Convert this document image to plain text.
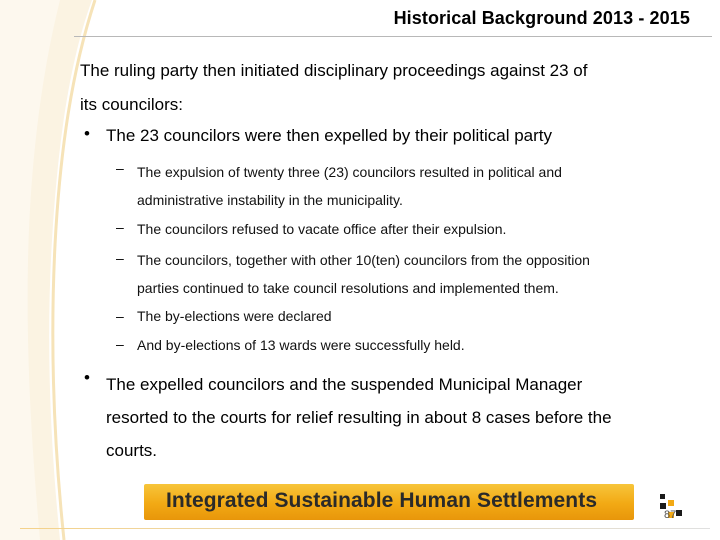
Historical Background 2013 - 2015
The ruling party then initiated disciplinary proceedings against 23 of
its councilors:
• The 23 councilors were then expelled by their political party
– The expulsion of twenty three (23) councilors resulted in political and
administrative instability in the municipality.
– The councilors refused to vacate office after their expulsion.
– The councilors, together with other 10(ten) councilors from the opposition
parties continued to take council resolutions and implemented them.
– The by-elections were declared
– And by-elections of 13 wards were successfully held.
• The expelled councilors and the suspended Municipal Manager
resorted to the courts for relief resulting in about 8 cases before the
courts.
Integrated Sustainable Human Settlements
87
